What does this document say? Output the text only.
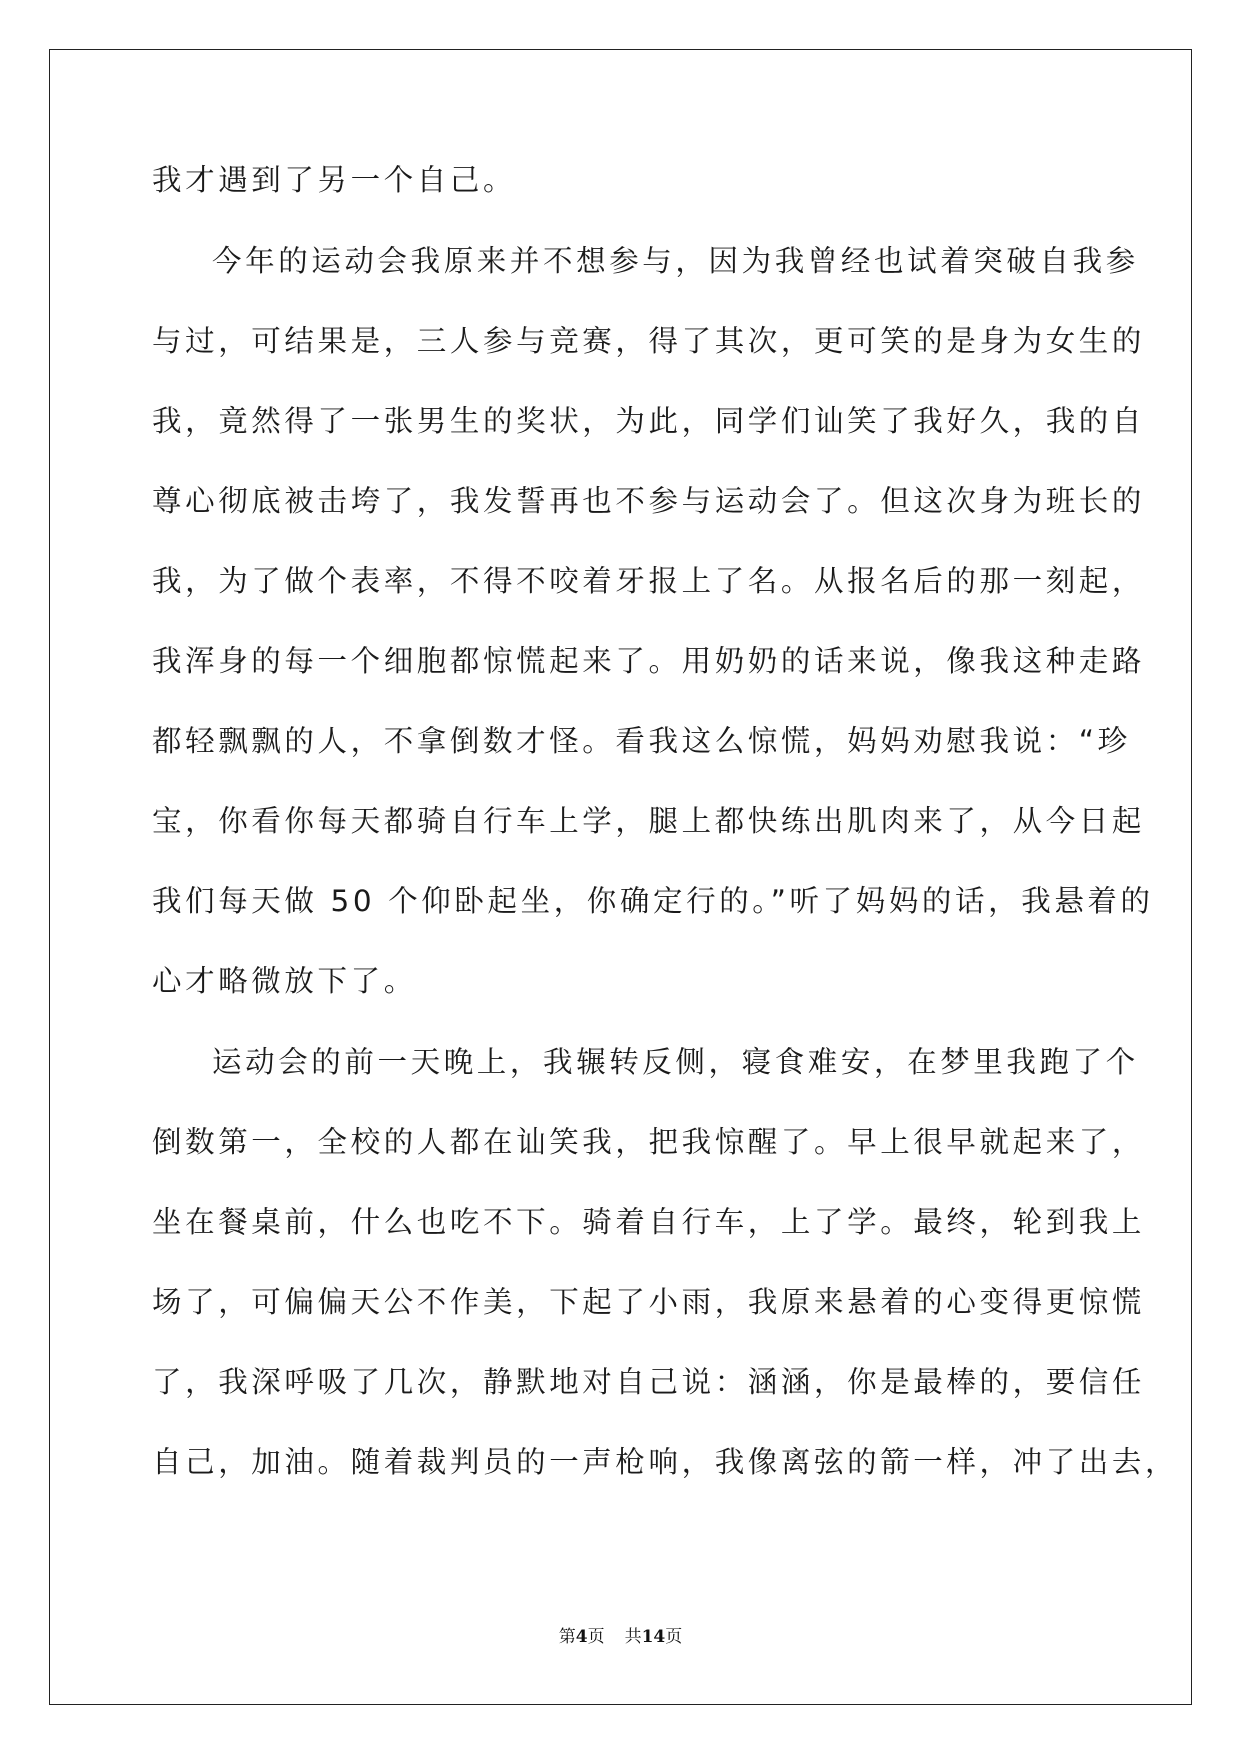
我才遇到了另一个自己。
今年的运动会我原来并不想参与，因为我曾经也试着突破自我参
与过，可结果是，三人参与竞赛，得了其次，更可笑的是身为女生的
我，竟然得了一张男生的奖状，为此，同学们讪笑了我好久，我的自
尊心彻底被击垮了，我发誓再也不参与运动会了。但这次身为班长的
我，为了做个表率，不得不咬着牙报上了名。从报名后的那一刻起，
我浑身的每一个细胞都惊慌起来了。用奶奶的话来说，像我这种走路
都轻飘飘的人，不拿倒数才怪。看我这么惊慌，妈妈劝慰我说：“珍
宝，你看你每天都骑自行车上学，腿上都快练出肌肉来了，从今日起
我们每天做 50 个仰卧起坐，你确定行的。”听了妈妈的话，我悬着的
心才略微放下了。
运动会的前一天晚上，我辗转反侧，寝食难安，在梦里我跑了个
倒数第一，全校的人都在讪笑我，把我惊醒了。早上很早就起来了，
坐在餐桌前，什么也吃不下。骑着自行车，上了学。最终，轮到我上
场了，可偏偏天公不作美，下起了小雨，我原来悬着的心变得更惊慌
了，我深呼吸了几次，静默地对自己说：涵涵，你是最棒的，要信任
自己，加油。随着裁判员的一声枪响，我像离弦的箭一样，冲了出去，
第4页 共14页
